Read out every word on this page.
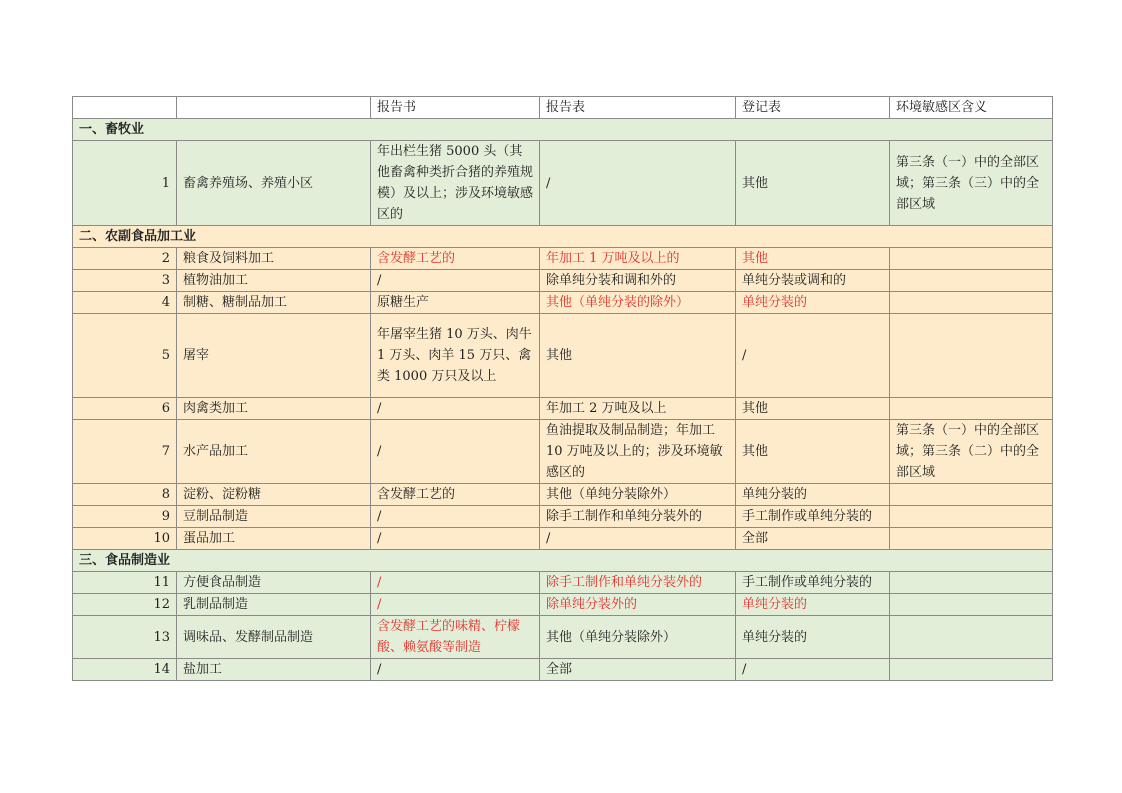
		报告书	报告表	登记表	环境敏感区含义
一、畜牧业					
1	畜禽养殖场、养殖小区	年出栏生猪 5000 头（其他畜禽种类折合猪的养殖规模）及以上；涉及环境敏感区的	/	其他	第三条（一）中的全部区域；第三条（三）中的全部区域
二、农副食品加工业					
2	粮食及饲料加工	含发酵工艺的	年加工 1 万吨及以上的	其他	
3	植物油加工	/	除单纯分装和调和外的	单纯分装或调和的	
4	制糖、糖制品加工	原糖生产	其他（单纯分装的除外）	单纯分装的	
5	屠宰	年屠宰生猪 10 万头、肉牛 1 万头、肉羊 15 万只、禽类 1000 万只及以上	其他	/	
6	肉禽类加工	/	年加工 2 万吨及以上	其他	
7	水产品加工	/	鱼油提取及制品制造；年加工 10 万吨及以上的；涉及环境敏感区的	其他	第三条（一）中的全部区域；第三条（二）中的全部区域
8	淀粉、淀粉糖	含发酵工艺的	其他（单纯分装除外）	单纯分装的	
9	豆制品制造	/	除手工制作和单纯分装外的	手工制作或单纯分装的	
10	蛋品加工	/	/	全部	
三、食品制造业					
11	方便食品制造	/	除手工制作和单纯分装外的	手工制作或单纯分装的	
12	乳制品制造	/	除单纯分装外的	单纯分装的	
13	调味品、发酵制品制造	含发酵工艺的味精、柠檬酸、赖氨酸等制造	其他（单纯分装除外）	单纯分装的	
14	盐加工	/	全部	/	
